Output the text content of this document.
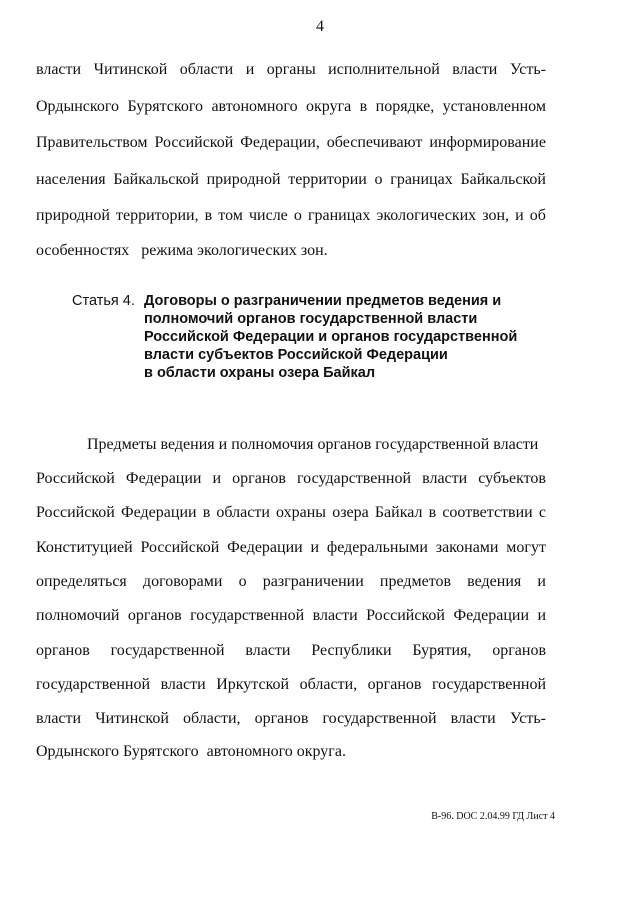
4
власти Читинской области и органы исполнительной власти Усть-
Ордынского Бурятского автономного округа в порядке, установленном
Правительством Российской Федерации, обеспечивают информирование
населения Байкальской природной территории о границах Байкальской
природной территории, в том числе о границах экологических зон, и об
особенностях   режима экологических зон.
Статья 4. Договоры о разграничении предметов ведения и
полномочий органов государственной власти
Российской Федерации и органов государственной
власти субъектов Российской Федерации
в области охраны озера Байкал
Предметы ведения и полномочия органов государственной власти
Российской Федерации и органов государственной власти субъектов
Российской Федерации в области охраны озера Байкал в соответствии с
Конституцией Российской Федерации и федеральными законами могут
определяться договорами о разграничении предметов ведения и
полномочий органов государственной власти Российской Федерации и
органов государственной власти Республики Бурятия, органов
государственной власти Иркутской области, органов государственной
власти Читинской области, органов государственной власти Усть-
Ордынского Бурятского  автономного округа.
В-96. DOC 2.04.99 ГД Лист 4
